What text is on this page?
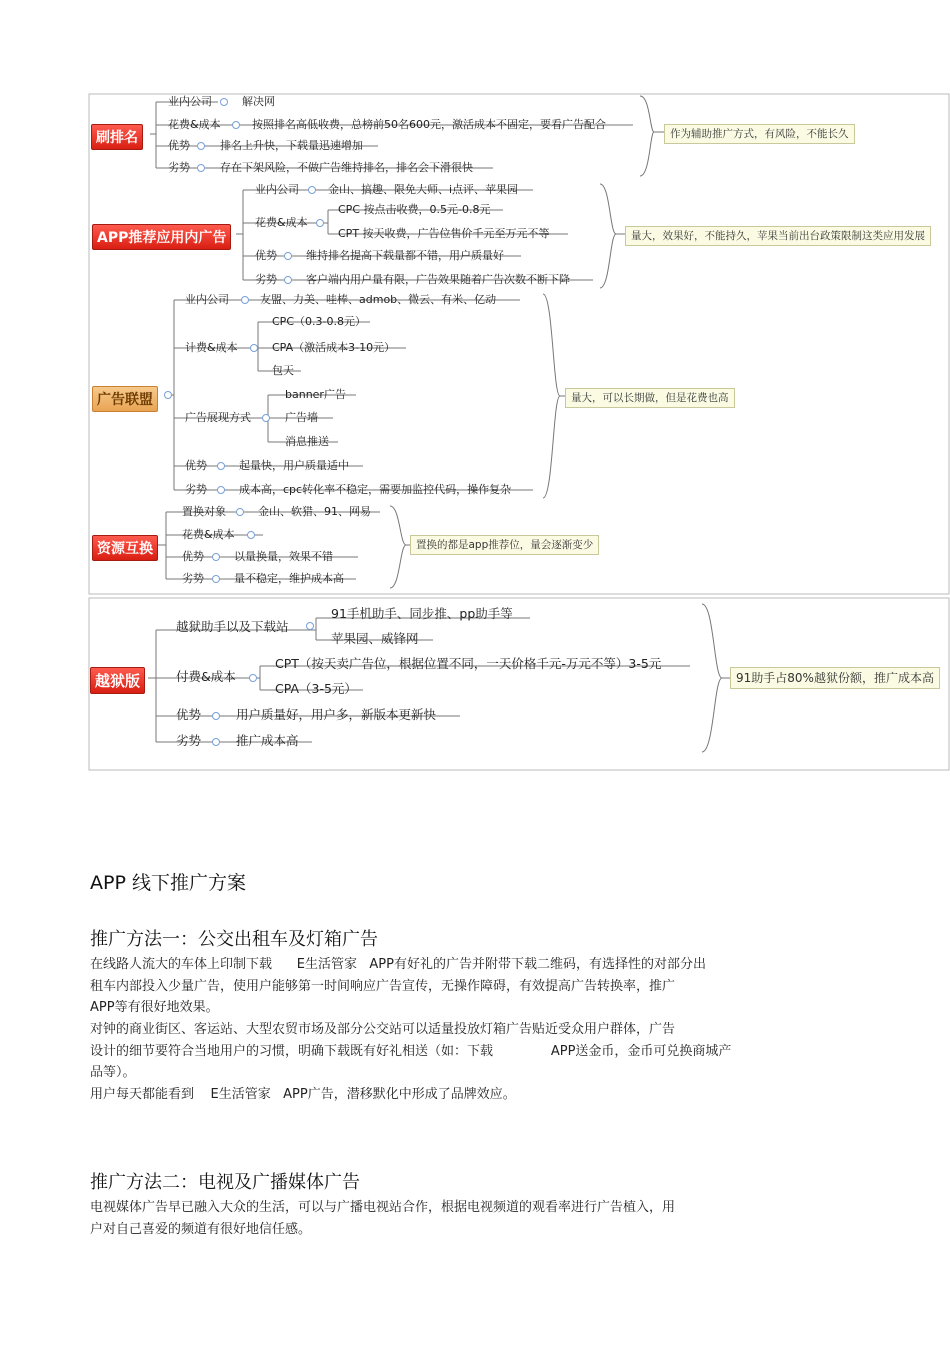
刷排名
业内公司	解决网
花费&成本	按照排名高低收费，总榜前50名600元，激活成本不固定，要看广告配合
优势	排名上升快，下载量迅速增加
劣势	存在下架风险，不做广告维持排名，排名会下滑很快
作为辅助推广方式，有风险，不能长久
APP推荐应用内广告
业内公司	金山、搞趣、限免大师、i点评、苹果园
花费&成本
CPC 按点击收费，0.5元-0.8元
CPT 按天收费，广告位售价千元至万元不等
优势	维持排名提高下载量都不错，用户质量好
劣势	客户端内用户量有限，广告效果随着广告次数不断下降
量大，效果好，不能持久，苹果当前出台政策限制这类应用发展
广告联盟
业内公司	友盟、力美、哇棒、admob、微云、有米、亿动
计费&成本
CPC（0.3-0.8元）
CPA（激活成本3-10元）
包天
广告展现方式
banner广告
广告墙
消息推送
优势	起量快，用户质量适中
劣势	成本高，cpc转化率不稳定，需要加监控代码，操作复杂
量大，可以长期做，但是花费也高
资源互换
置换对象	金山、软猎、91、网易
花费&成本
优势	以量换量，效果不错
劣势	量不稳定，维护成本高
置换的都是app推荐位，量会逐渐变少
越狱版
越狱助手以及下载站
91手机助手、同步推、pp助手等
苹果园、威锋网
付费&成本
CPT（按天卖广告位，根据位置不同，一天价格千元-万元不等）3-5元
CPA（3-5元）
优势	用户质量好，用户多，新版本更新快
劣势	推广成本高
91助手占80%越狱份额，推广成本高
APP 线下推广方案
推广方法一：公交出租车及灯箱广告
在线路人流大的车体上印制下载      E生活管家   APP有好礼的广告并附带下载二维码，有选择性的对部分出
租车内部投入少量广告，使用户能够第一时间响应广告宣传，无操作障碍，有效提高广告转换率，推广
APP等有很好地效果。
对钟的商业街区、客运站、大型农贸市场及部分公交站可以适量投放灯箱广告贴近受众用户群体，广告
设计的细节要符合当地用户的习惯，明确下载既有好礼相送（如：下载              APP送金币，金币可兑换商城产
品等）。
用户每天都能看到    E生活管家   APP广告，潜移默化中形成了品牌效应。
推广方法二：电视及广播媒体广告
电视媒体广告早已融入大众的生活，可以与广播电视站合作，根据电视频道的观看率进行广告植入，用
户对自己喜爱的频道有很好地信任感。
